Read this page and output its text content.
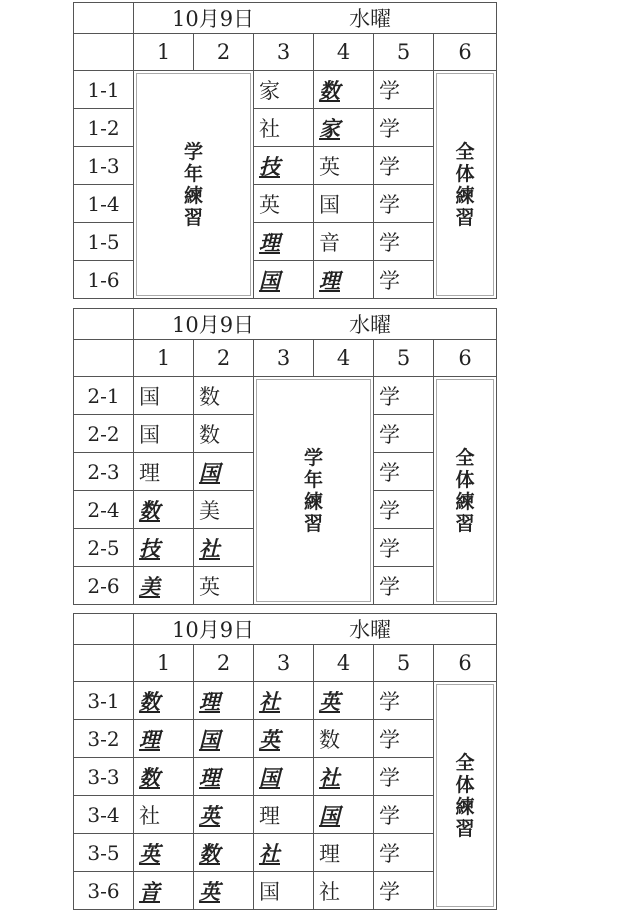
	10月9日 水曜					
	1	2	3	4	5	6
1-1	学年練習		家	数	学	全体練習

1-2			社	家	学	
1-3			技	英	学	
1-4			英	国	学	
1-5			理	音	学	
1-6			国	理	学	
	10月9日 水曜					
	1	2	3	4	5	6
2-1	国	数	学年練習		学	全体練習

2-2	国	数			学	
2-3	理	国			学	
2-4	数	美			学	
2-5	技	社			学	
2-6	美	英			学	
	10月9日 水曜					
	1	2	3	4	5	6
3-1	数	理	社	英	学	全体練習

3-2	理	国	英	数	学	
3-3	数	理	国	社	学	
3-4	社	英	理	国	学	
3-5	英	数	社	理	学	
3-6	音	英	国	社	学	
